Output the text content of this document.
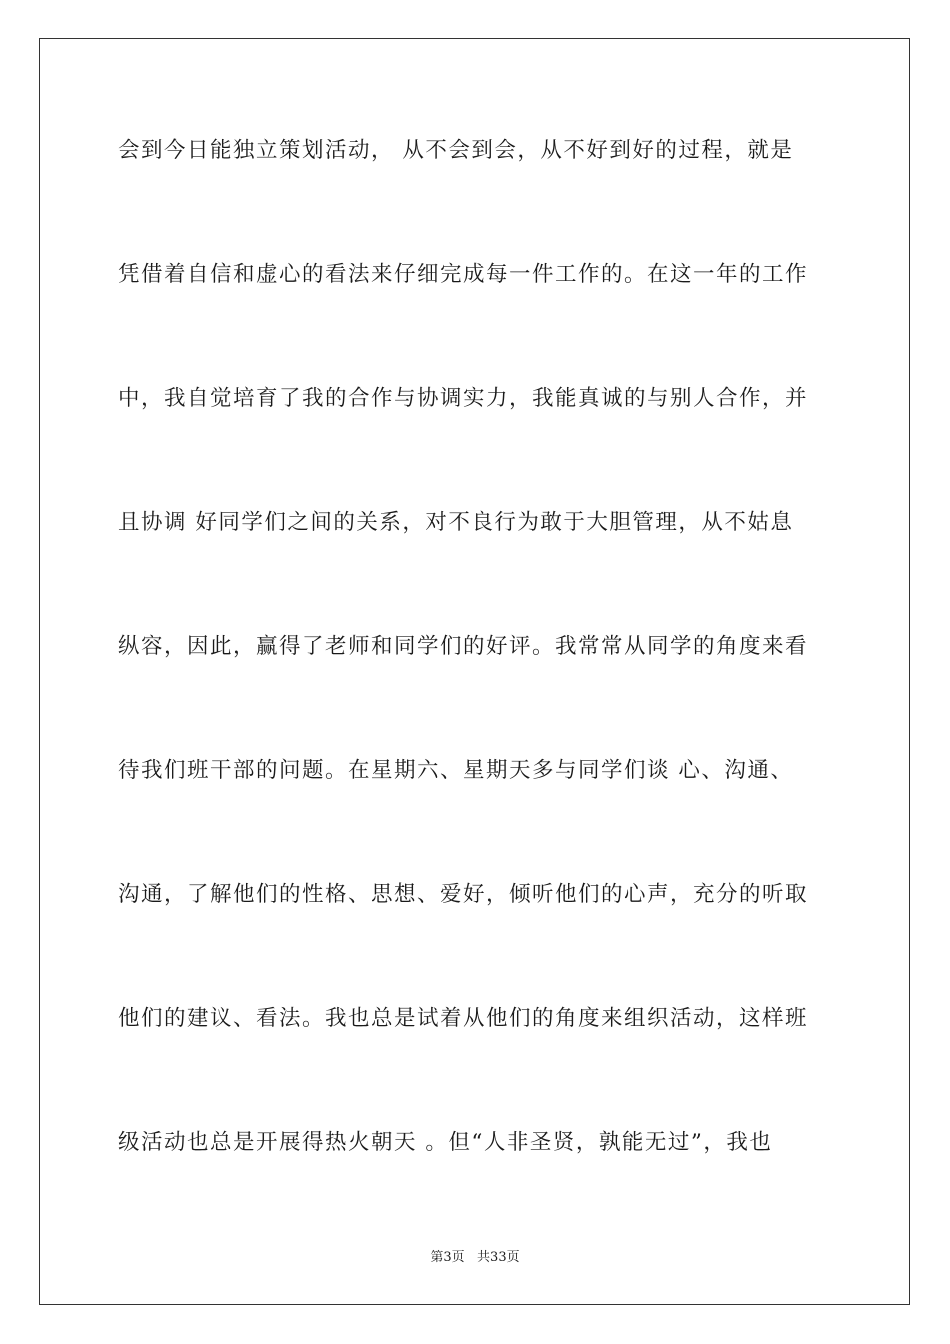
会到今日能独立策划活动， 从不会到会，从不好到好的过程，就是
凭借着自信和虚心的看法来仔细完成每一件工作的。在这一年的工作
中，我自觉培育了我的合作与协调实力，我能真诚的与别人合作，并
且协调 好同学们之间的关系，对不良行为敢于大胆管理，从不姑息
纵容，因此，赢得了老师和同学们的好评。我常常从同学的角度来看
待我们班干部的问题。在星期六、星期天多与同学们谈 心、沟通、
沟通，了解他们的性格、思想、爱好，倾听他们的心声，充分的听取
他们的建议、看法。我也总是试着从他们的角度来组织活动，这样班
级活动也总是开展得热火朝天 。但“人非圣贤，孰能无过”，我也
第3页   共33页
